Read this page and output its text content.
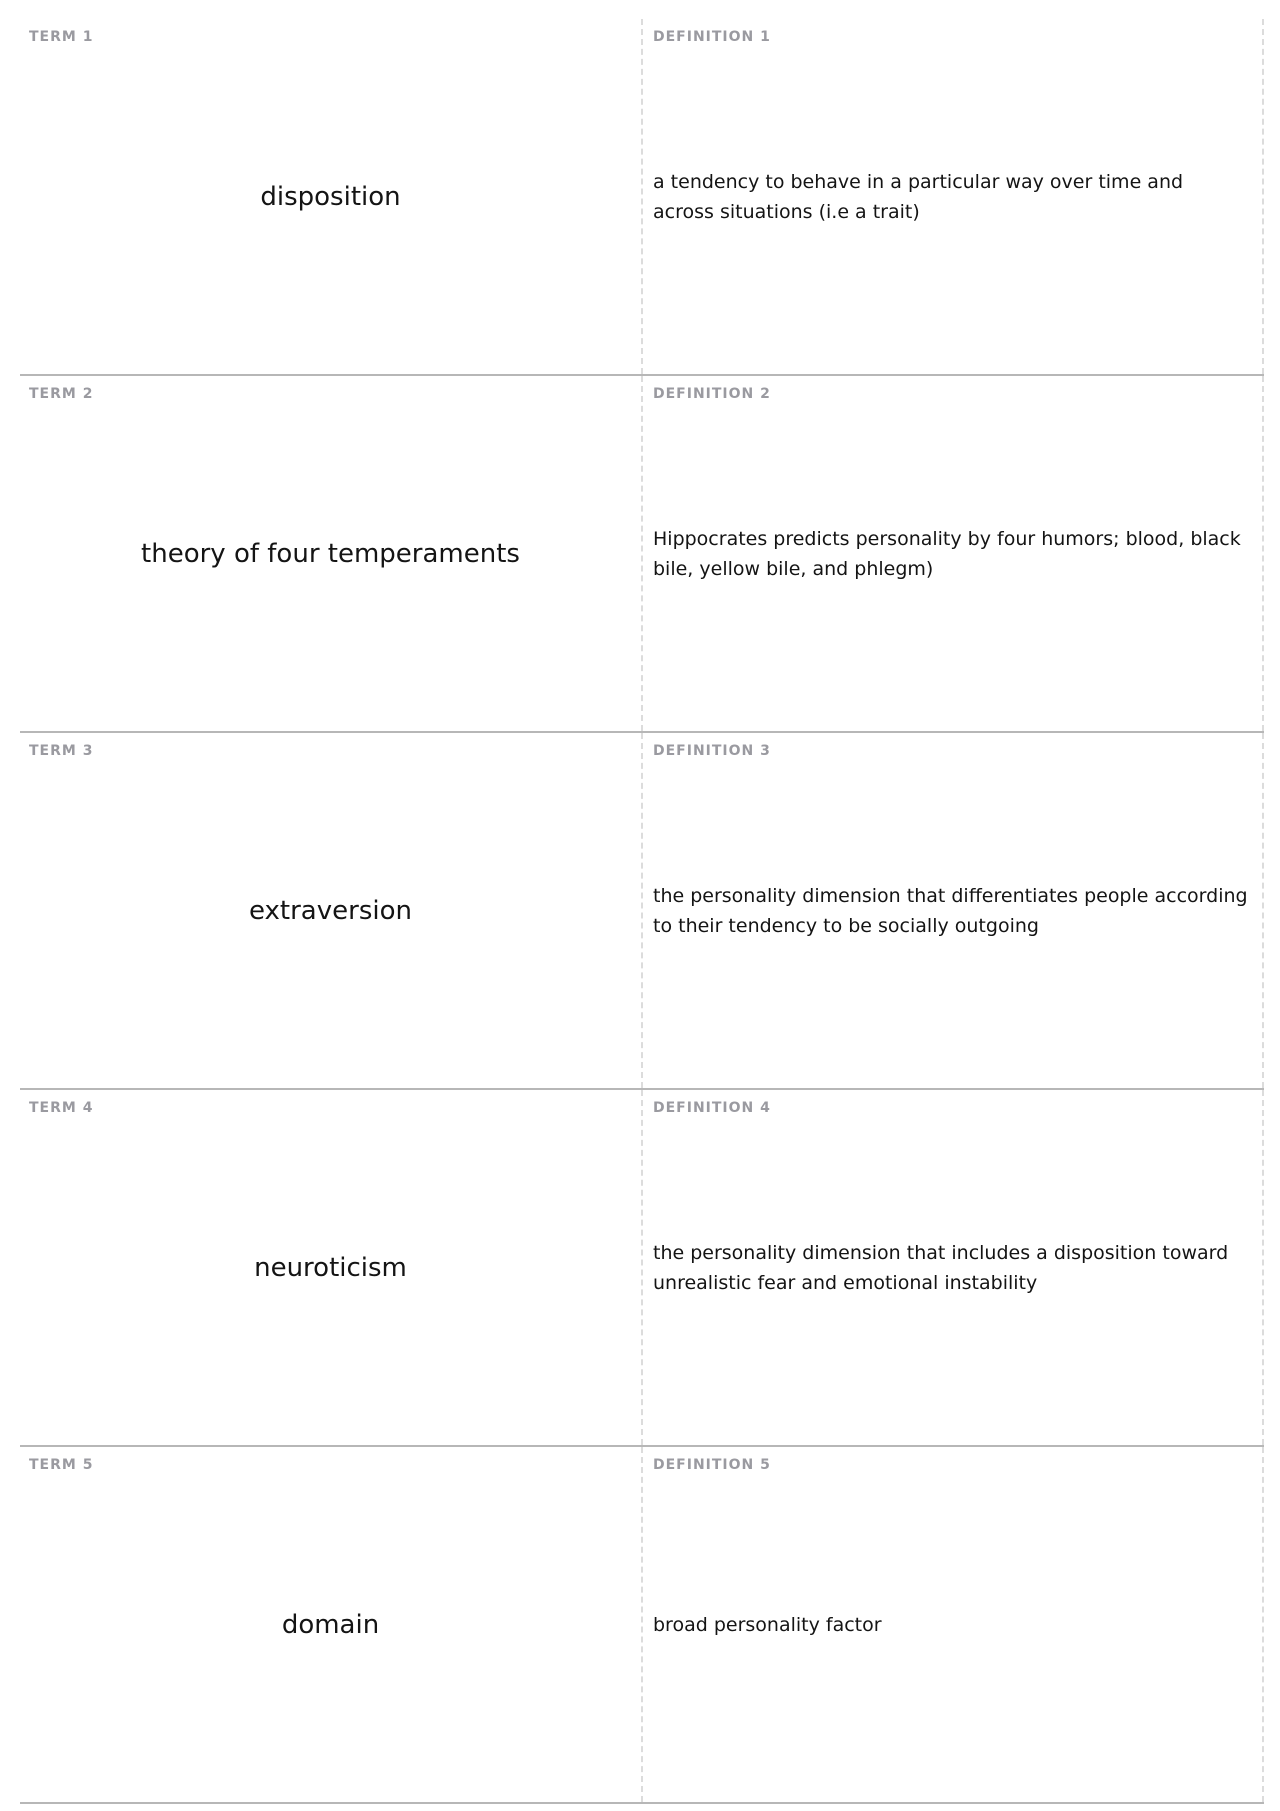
TERM 1
disposition
DEFINITION 1
a tendency to behave in a particular way over time and across situations (i.e a trait)
TERM 2
theory of four temperaments
DEFINITION 2
Hippocrates predicts personality by four humors; blood, black bile, yellow bile, and phlegm)
TERM 3
extraversion
DEFINITION 3
the personality dimension that differentiates people according to their tendency to be socially outgoing
TERM 4
neuroticism
DEFINITION 4
the personality dimension that includes a disposition toward unrealistic fear and emotional instability
TERM 5
domain
DEFINITION 5
broad personality factor
